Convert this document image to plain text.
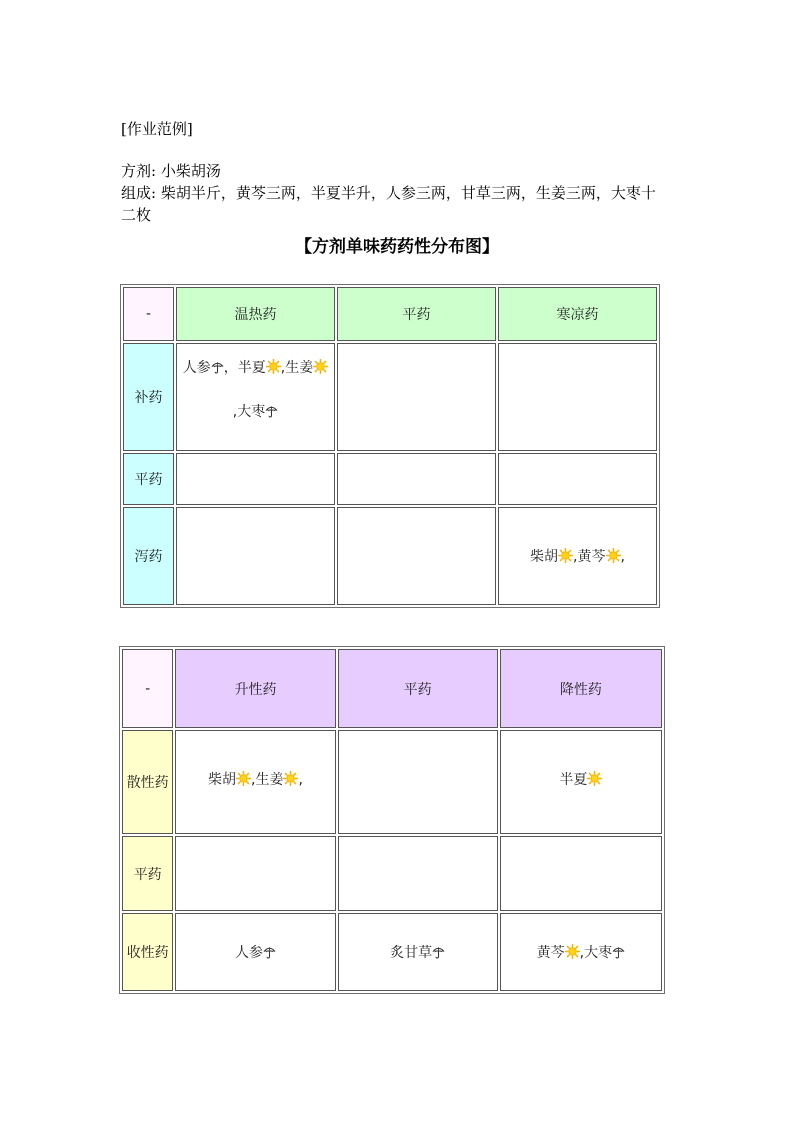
[作业范例]
方剂: 小柴胡汤
组成: 柴胡半斤，黄芩三两，半夏半升，人参三两，甘草三两，生姜三两，大枣十二枚
【方剂单味药药性分布图】
-	温热药	平药	寒凉药
补药	人参 ，半夏 ,生姜,大枣		

平药			
泻药			柴胡 ,黄芩 ,
-	升性药	平药	降性药
散性药	柴胡 ,生姜 ,		半夏

平药			
收性药	人参	炙甘草	黄芩 ,大枣
